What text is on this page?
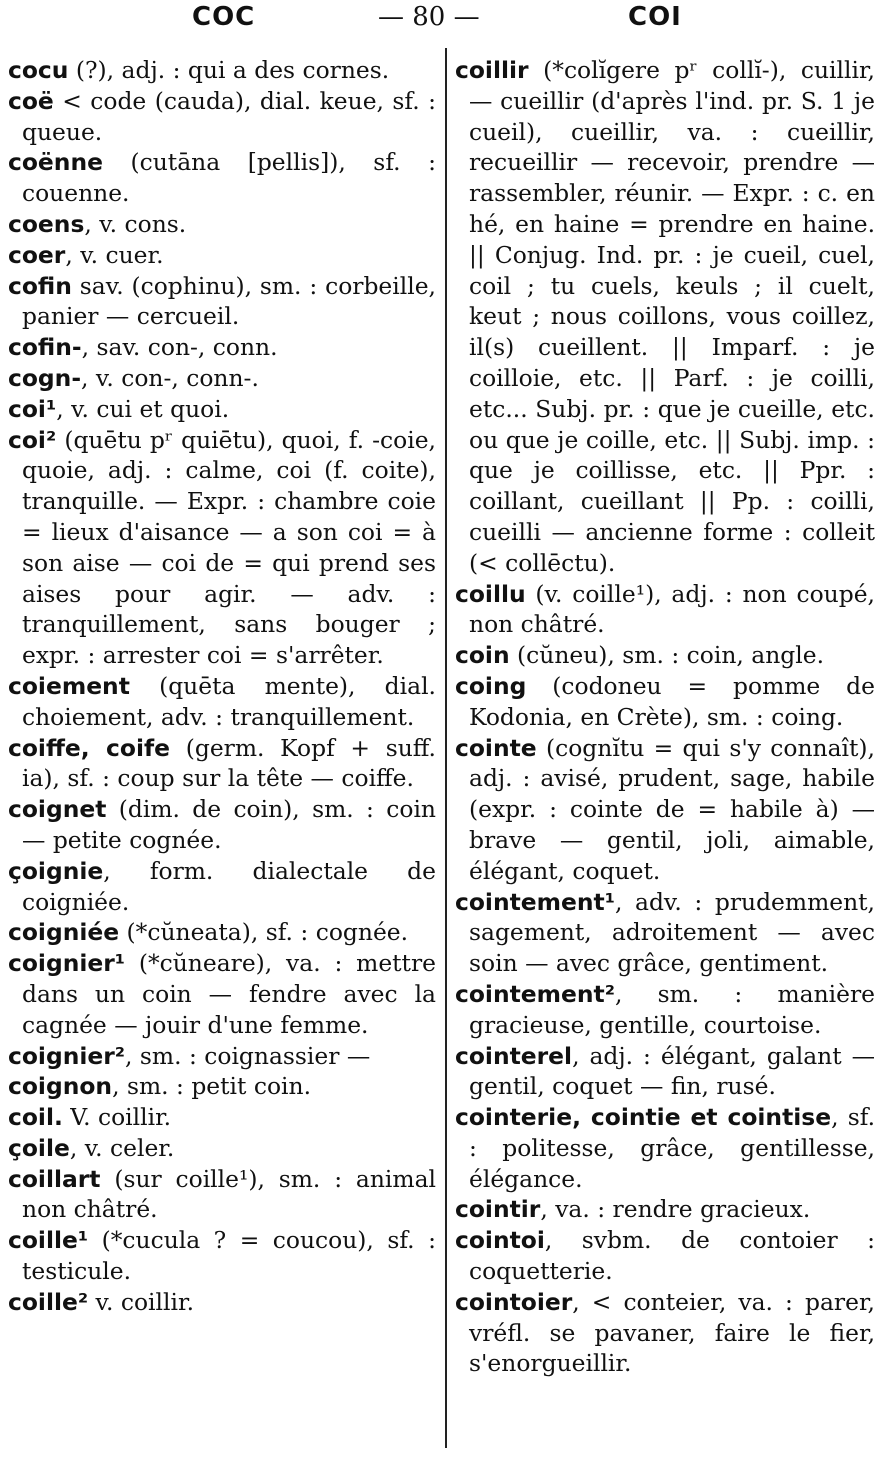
COC	— 80 —	COI

cocu (?), adj. : qui a des cornes.

coë < code (cauda), dial. keue, sf. : queue.

coënne (cutāna [pellis]), sf. : couenne.

coens, v. cons.

coer, v. cuer.

cofin sav. (cophinu), sm. : corbeille, panier — cercueil.

cofin-, sav. con-, conn.

cogn-, v. con-, conn-.

coi¹, v. cui et quoi.

coi² (quētu pʳ quiētu), quoi, f. -coie, quoie, adj. : calme, coi (f. coite), tranquille. — Expr. : chambre coie = lieux d'aisance — a son coi = à son aise — coi de = qui prend ses aises pour agir. — adv. : tranquillement, sans bouger ; expr. : arrester coi = s'arrêter.

coiement (quēta mente), dial. choiement, adv. : tranquillement.

coiffe, coife (germ. Kopf + suff. ia), sf. : coup sur la tête — coiffe.

coignet (dim. de coin), sm. : coin — petite cognée.

çoignie, form. dialectale de coigniée.

coigniée (*cŭneata), sf. : cognée.

coignier¹ (*cŭneare), va. : mettre dans un coin — fendre avec la cagnée — jouir d'une femme.

coignier², sm. : coignassier —

coignon, sm. : petit coin.

coil. V. coillir.

çoile, v. celer.

coillart (sur coille¹), sm. : animal non châtré.

coille¹ (*cucula ? = coucou), sf. : testicule.

coille² v. coillir.

coillir (*colĭgere pʳ collĭ-), cuillir, — cueillir (d'après l'ind. pr. S. 1 je cueil), cueillir, va. : cueillir, recueillir — recevoir, prendre — rassembler, réunir. — Expr. : c. en hé, en haine = prendre en haine. || Conjug. Ind. pr. : je cueil, cuel, coil ; tu cuels, keuls ; il cuelt, keut ; nous coillons, vous coillez, il(s) cueillent. || Imparf. : je coilloie, etc. || Parf. : je coilli, etc... Subj. pr. : que je cueille, etc. ou que je coille, etc. || Subj. imp. : que je coillisse, etc. || Ppr. : coillant, cueillant || Pp. : coilli, cueilli — ancienne forme : colleit (< collēctu).

coillu (v. coille¹), adj. : non coupé, non châtré.

coin (cŭneu), sm. : coin, angle.

coing (codoneu = pomme de Kodonia, en Crète), sm. : coing.

cointe (cognĭtu = qui s'y connaît), adj. : avisé, prudent, sage, habile (expr. : cointe de = habile à) — brave — gentil, joli, aimable, élégant, coquet.

cointement¹, adv. : prudemment, sagement, adroitement — avec soin — avec grâce, gentiment.

cointement², sm. : manière gracieuse, gentille, courtoise.

cointerel, adj. : élégant, galant — gentil, coquet — fin, rusé.

cointerie, cointie et cointise, sf. : politesse, grâce, gentillesse, élégance.

cointir, va. : rendre gracieux.

cointoi, svbm. de contoier : coquetterie.

cointoier, < conteier, va. : parer, vréfl. se pavaner, faire le fier, s'enorgueillir.
